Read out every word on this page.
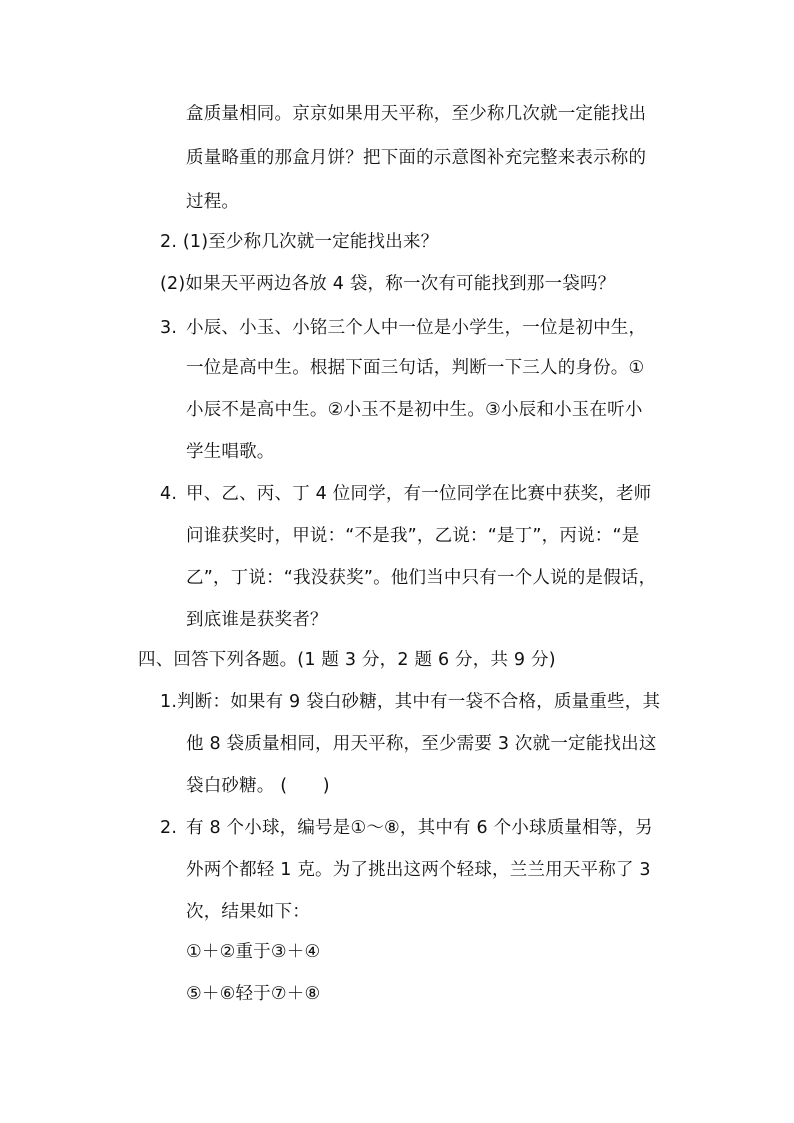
盒质量相同。京京如果用天平称，至少称几次就一定能找出
质量略重的那盒月饼？把下面的示意图补充完整来表示称的
过程。
2. (1)至少称几次就一定能找出来？
(2)如果天平两边各放 4 袋，称一次有可能找到那一袋吗？
3. 小辰、小玉、小铭三个人中一位是小学生，一位是初中生，
一位是高中生。根据下面三句话，判断一下三人的身份。①
小辰不是高中生。②小玉不是初中生。③小辰和小玉在听小
学生唱歌。
4. 甲、乙、丙、丁 4 位同学，有一位同学在比赛中获奖，老师
问谁获奖时，甲说：“不是我”，乙说：“是丁”，丙说：“是
乙”，丁说：“我没获奖”。他们当中只有一个人说的是假话，
到底谁是获奖者？
四、回答下列各题。(1 题 3 分，2 题 6 分，共 9 分)
1.判断：如果有 9 袋白砂糖，其中有一袋不合格，质量重些，其
他 8 袋质量相同，用天平称，至少需要 3 次就一定能找出这
袋白砂糖。 (　　)
2. 有 8 个小球，编号是①～⑧，其中有 6 个小球质量相等，另
外两个都轻 1 克。为了挑出这两个轻球，兰兰用天平称了 3
次，结果如下：
①＋②重于③＋④
⑤＋⑥轻于⑦＋⑧
